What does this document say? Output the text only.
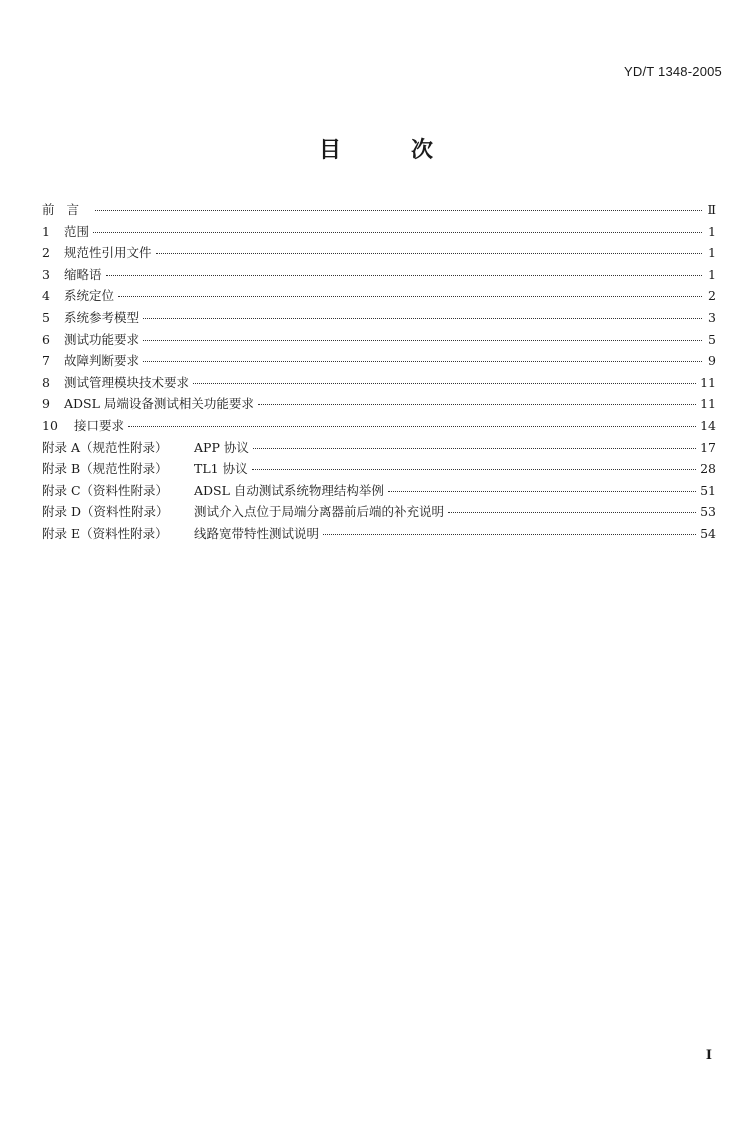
YD/T 1348-2005
目次
前言	Ⅱ
1	范围	1
2	规范性引用文件	1
3	缩略语	1
4	系统定位	2
5	系统参考模型	3
6	测试功能要求	5
7	故障判断要求	9
8	测试管理模块技术要求	11
9	ADSL 局端设备测试相关功能要求	11
10	接口要求	14
附录 A（规范性附录）	APP 协议	17
附录 B（规范性附录）	TL1 协议	28
附录 C（资料性附录）	ADSL 自动测试系统物理结构举例	51
附录 D（资料性附录）	测试介入点位于局端分离器前后端的补充说明	53
附录 E（资料性附录）	线路宽带特性测试说明	54
I
